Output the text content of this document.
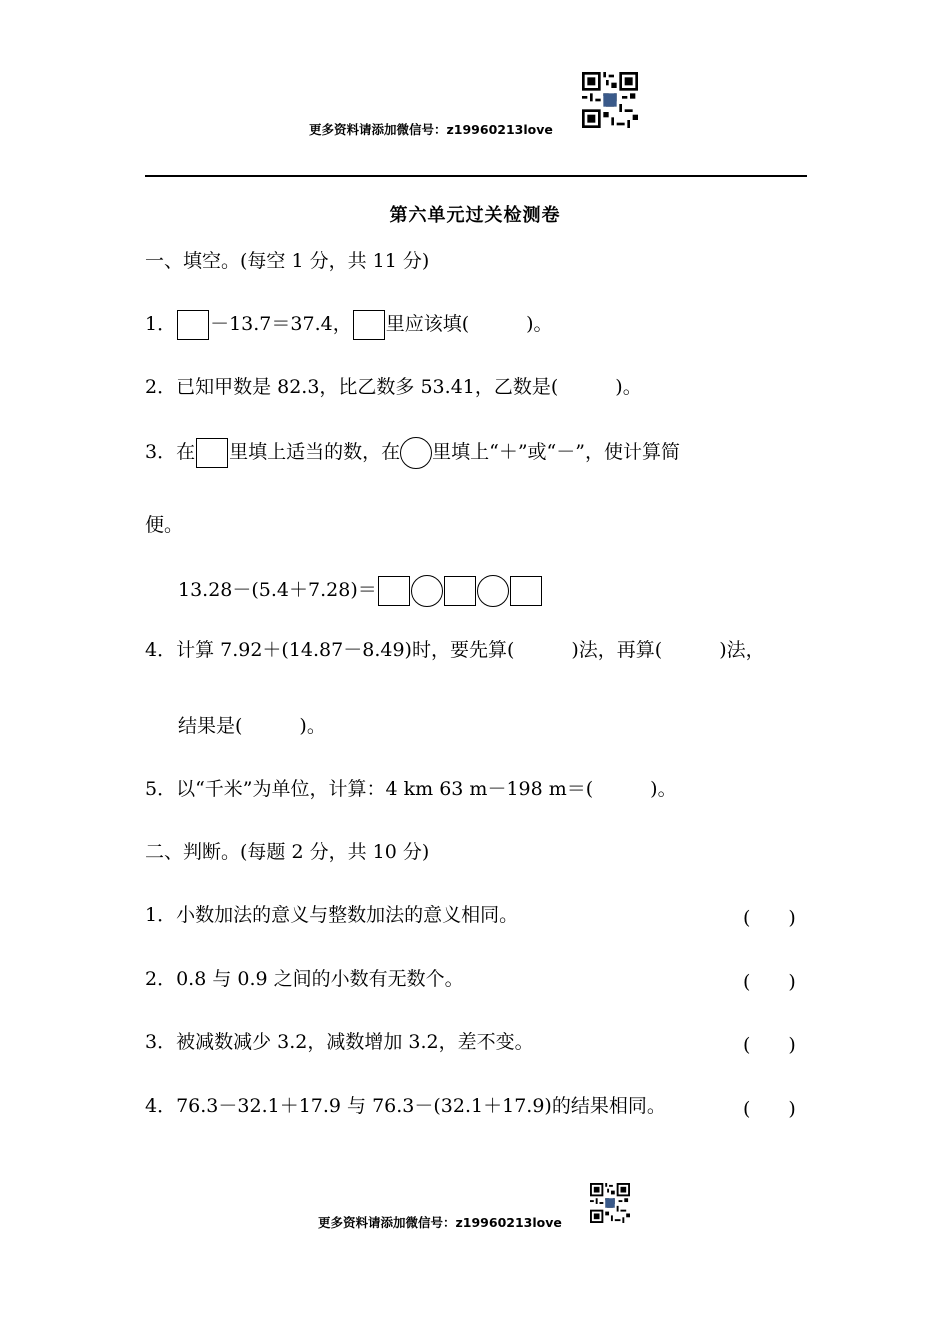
更多资料请添加微信号：z19960213love
第六单元过关检测卷
一、填空。(每空 1 分，共 11 分)
1． －13.7＝37.4， 里应该填(　　　)。
2．已知甲数是 82.3，比乙数多 53.41，乙数是(　　　)。
3．在 里填上适当的数，在 里填上“＋”或“－”，使计算简
便。
13.28－(5.4＋7.28)＝
4．计算 7.92＋(14.87－8.49)时，要先算(　　　)法，再算(　　　)法，
结果是(　　　)。
5．以“千米”为单位，计算：4 km 63 m－198 m＝(　　　)。
二、判断。(每题 2 分，共 10 分)
1．小数加法的意义与整数加法的意义相同。	(　　)
2．0.8 与 0.9 之间的小数有无数个。	(　　)
3．被减数减少 3.2，减数增加 3.2，差不变。	(　　)
4．76.3－32.1＋17.9 与 76.3－(32.1＋17.9)的结果相同。	(　　)
更多资料请添加微信号：z19960213love
